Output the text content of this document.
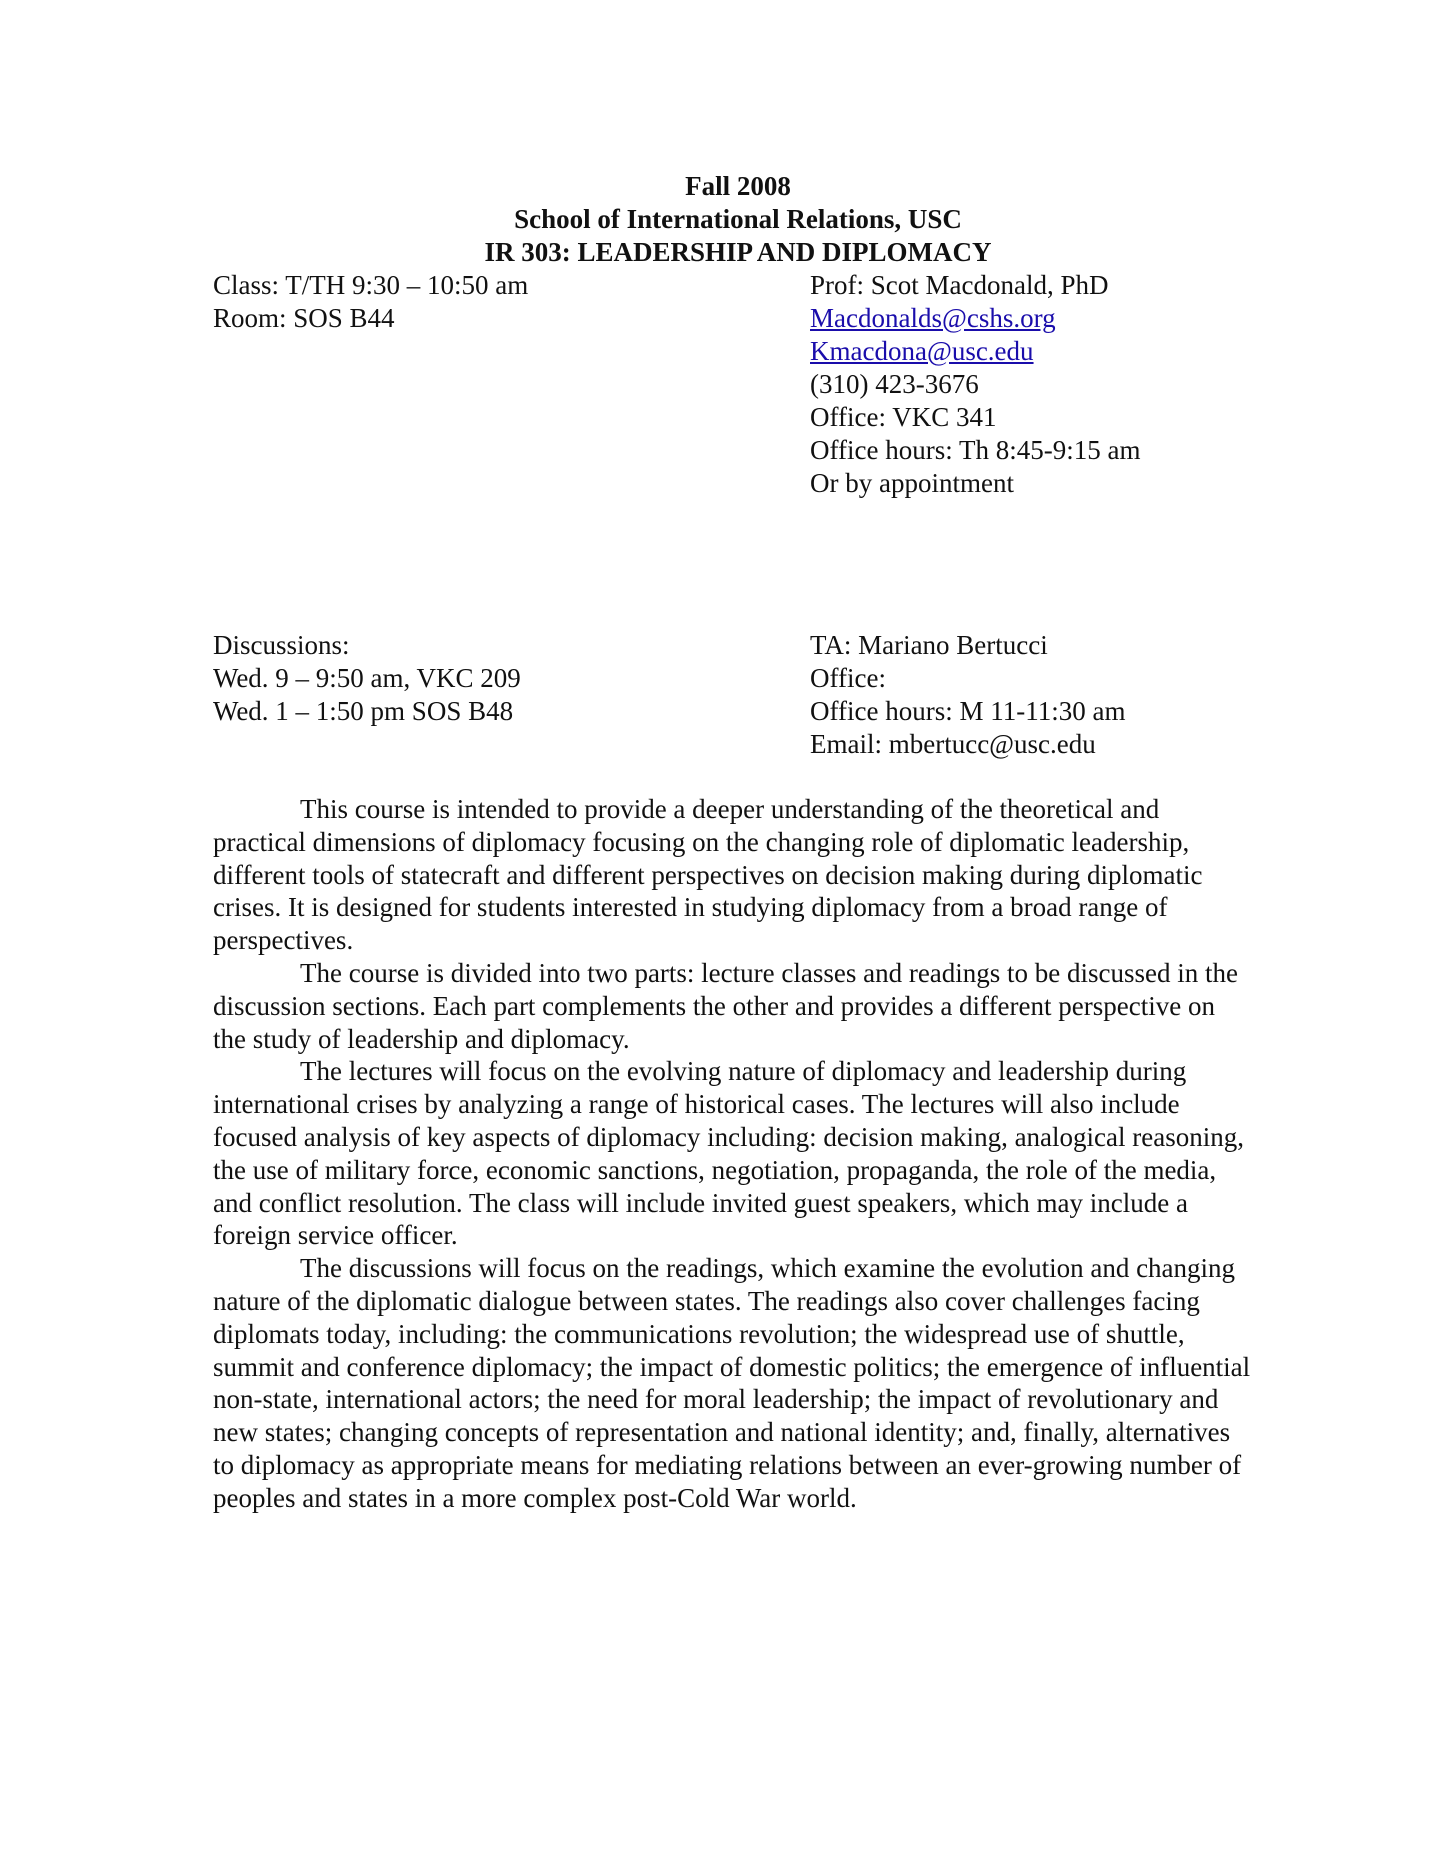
Fall 2008
School of International Relations, USC
IR 303: LEADERSHIP AND DIPLOMACY
Class: T/TH 9:30 – 10:50 am
Room: SOS B44
Prof: Scot Macdonald, PhD
Macdonalds@cshs.org
Kmacdona@usc.edu
(310) 423-3676
Office: VKC 341
Office hours: Th 8:45-9:15 am
Or by appointment
Discussions:
Wed. 9 – 9:50 am, VKC 209
Wed. 1 – 1:50 pm SOS B48
TA: Mariano Bertucci
Office:
Office hours: M 11-11:30 am
Email: mbertucc@usc.edu

This course is intended to provide a deeper understanding of the theoretical and practical dimensions of diplomacy focusing on the changing role of diplomatic leadership, different tools of statecraft and different perspectives on decision making during diplomatic crises. It is designed for students interested in studying diplomacy from a broad range of perspectives.

The course is divided into two parts: lecture classes and readings to be discussed in the discussion sections. Each part complements the other and provides a different perspective on the study of leadership and diplomacy.

The lectures will focus on the evolving nature of diplomacy and leadership during international crises by analyzing a range of historical cases. The lectures will also include focused analysis of key aspects of diplomacy including: decision making, analogical reasoning, the use of military force, economic sanctions, negotiation, propaganda, the role of the media, and conflict resolution. The class will include invited guest speakers, which may include a foreign service officer.

The discussions will focus on the readings, which examine the evolution and changing nature of the diplomatic dialogue between states. The readings also cover challenges facing diplomats today, including: the communications revolution; the widespread use of shuttle, summit and conference diplomacy; the impact of domestic politics; the emergence of influential non-state, international actors; the need for moral leadership; the impact of revolutionary and new states; changing concepts of representation and national identity; and, finally, alternatives to diplomacy as appropriate means for mediating relations between an ever-growing number of peoples and states in a more complex post-Cold War world.
